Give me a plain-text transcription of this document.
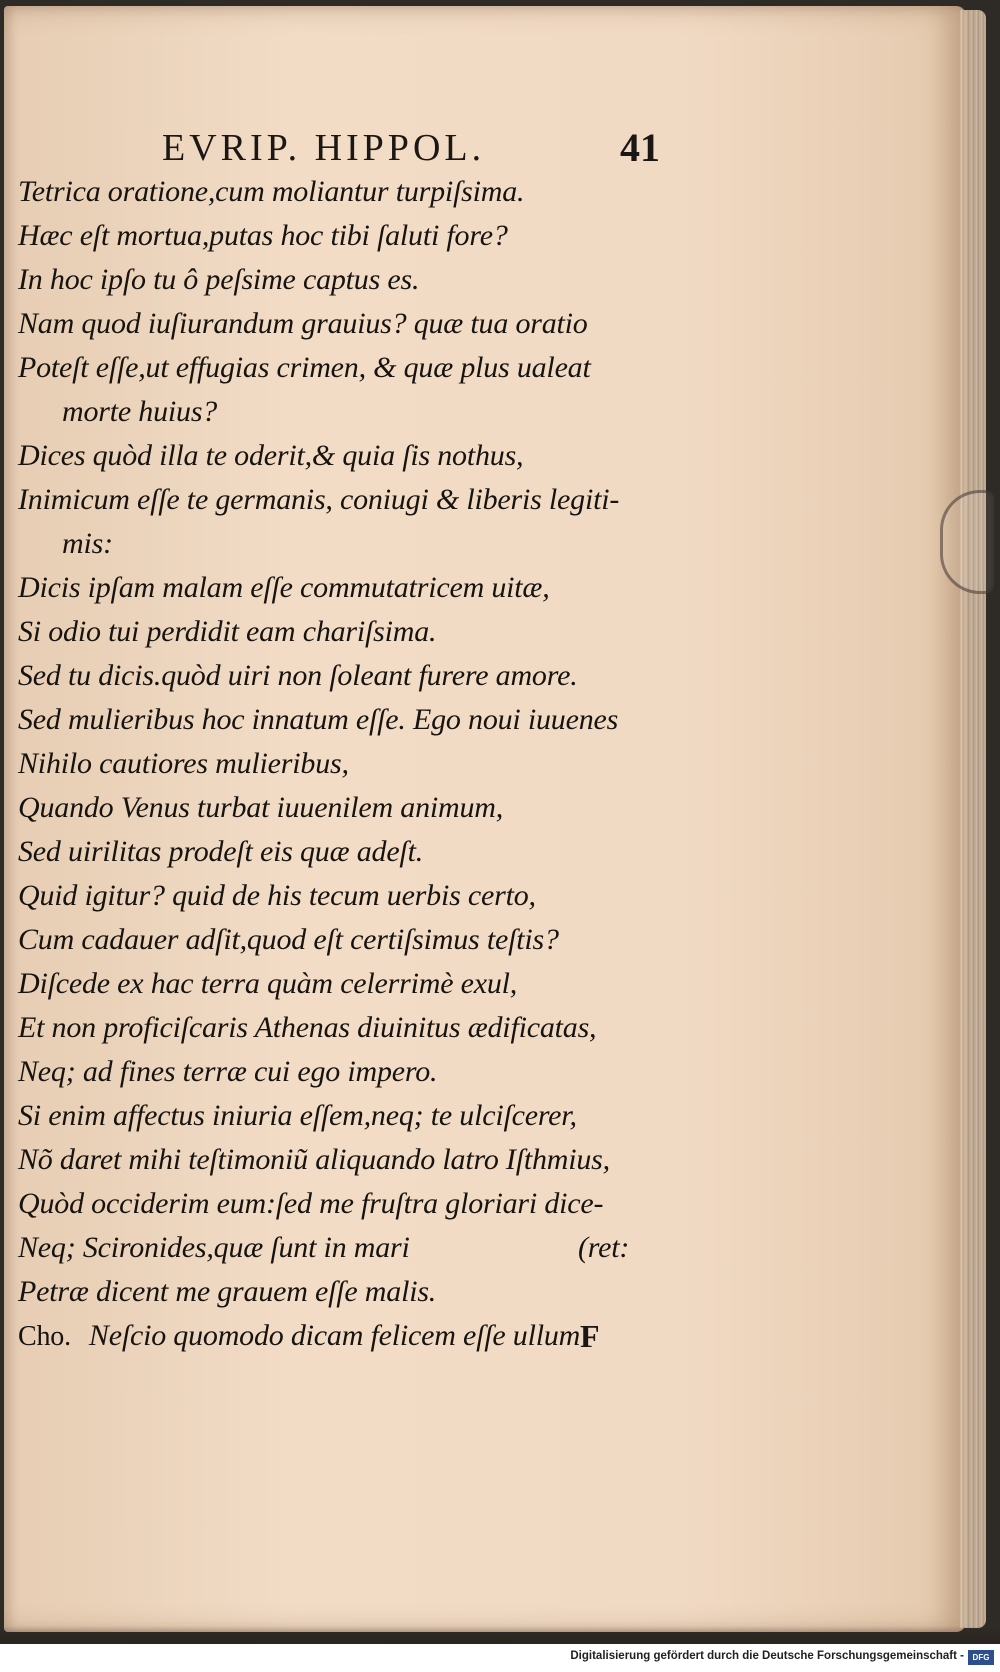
EVRIP. HIPPOL.	41
Tetrica oratione,cum moliantur turpiſsima.
Hæc eſt mortua,putas hoc tibi ſaluti fore?
In hoc ipſo tu ô peſsime captus es.
Nam quod iuſiurandum grauius? quæ tua oratio
Poteſt eſſe,ut effugias crimen, & quæ plus ualeat
morte huius?
Dices quòd illa te oderit,& quia ſis nothus,
Inimicum eſſe te germanis, coniugi & liberis legiti-
mis:
Dicis ipſam malam eſſe commutatricem uitæ,
Si odio tui perdidit eam chariſsima.
Sed tu dicis.quòd uiri non ſoleant furere amore.
Sed mulieribus hoc innatum eſſe. Ego noui iuuenes
Nihilo cautiores mulieribus,
Quando Venus turbat iuuenilem animum,
Sed uirilitas prodeſt eis quæ adeſt.
Quid igitur? quid de his tecum uerbis certo,
Cum cadauer adſit,quod eſt certiſsimus teſtis?
Diſcede ex hac terra quàm celerrimè exul,
Et non proficiſcaris Athenas diuinitus ædificatas,
Neq; ad fines terræ cui ego impero.
Si enim affectus iniuria eſſem,neq; te ulciſcerer,
Nõ daret mihi teſtimoniũ aliquando latro Iſthmius,
Quòd occiderim eum:ſed me fruſtra gloriari dice-
Neq; Scironides,quæ ſunt in mari	(ret:
Petræ dicent me grauem eſſe malis.
Cho. Neſcio quomodo dicam felicem eſſe ullum F
Digitalisierung gefördert durch die Deutsche Forschungsgemeinschaft -	DFG
